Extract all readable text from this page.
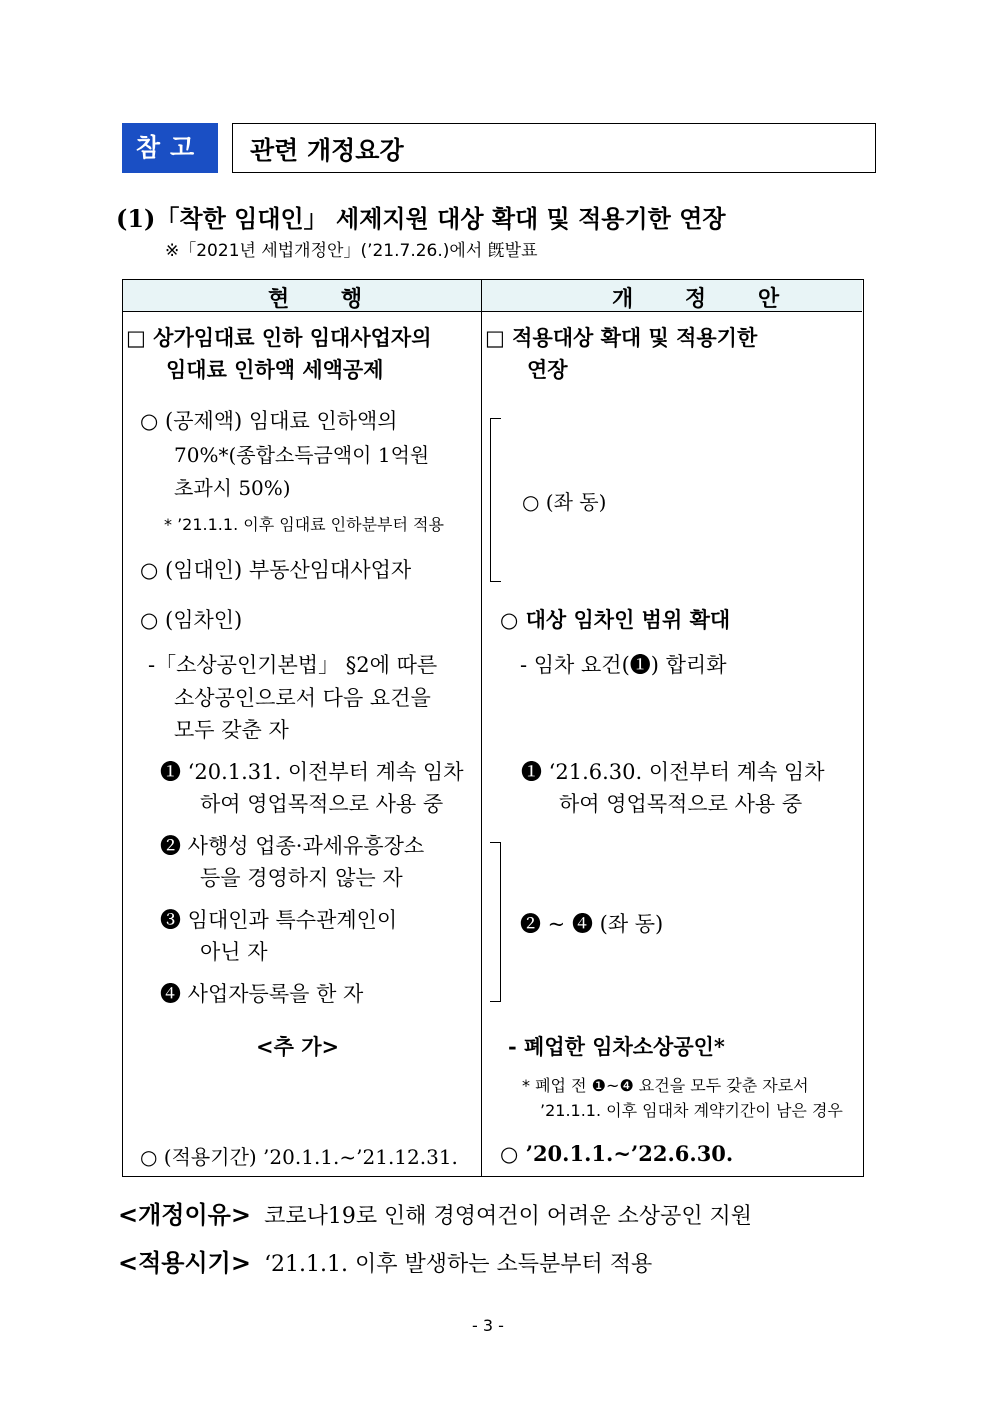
참고	관련 개정요강
(1)「착한 임대인」 세제지원 대상 확대 및 적용기한 연장
※「2021년 세법개정안」(’21.7.26.)에서 旣발표
현 행	개 정 안
□ 상가임대료 인하 임대사업자의
임대료 인하액 세액공제
○ (공제액) 임대료 인하액의
70%*(종합소득금액이 1억원
초과시 50%)
* ’21.1.1. 이후 임대료 인하분부터 적용
○ (임대인) 부동산임대사업자
○ (임차인)
-「소상공인기본법」 §2에 따른
소상공인으로서 다음 요건을
모두 갖춘 자
❶ ‘20.1.31. 이전부터 계속 임차
하여 영업목적으로 사용 중
❷ 사행성 업종·과세유흥장소
등을 경영하지 않는 자
❸ 임대인과 특수관계인이
아닌 자
❹ 사업자등록을 한 자
<추 가>
○ (적용기간) ’20.1.1.~’21.12.31.
□ 적용대상 확대 및 적용기한
연장
○ (좌 동)
○ 대상 임차인 범위 확대
- 임차 요건(❶) 합리화
❶ ‘21.6.30. 이전부터 계속 임차
하여 영업목적으로 사용 중
❷ ~ ❹ (좌 동)
- 폐업한 임차소상공인*
* 폐업 전 ❶~❹ 요건을 모두 갖춘 자로서
’21.1.1. 이후 임대차 계약기간이 남은 경우
○ ’20.1.1.~’22.6.30.
<개정이유> 코로나19로 인해 경영여건이 어려운 소상공인 지원
<적용시기> ‘21.1.1. 이후 발생하는 소득분부터 적용
- 3 -
